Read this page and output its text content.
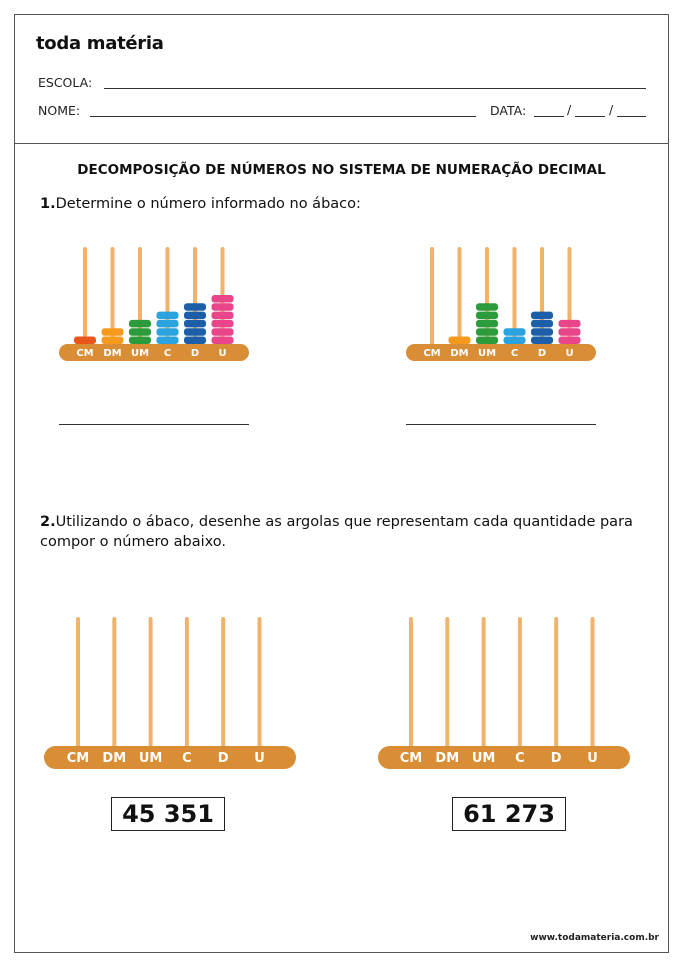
toda matéria
ESCOLA:
NOME:	DATA:	/	/
DECOMPOSIÇÃO DE NÚMEROS NO SISTEMA DE NUMERAÇÃO DECIMAL
1.Determine o número informado no ábaco:
CM DM UM C D U	CM DM UM C D U
CM DM UM C D U	CM DM UM C D U
2.Utilizando o ábaco, desenhe as argolas que representam cada quantidade para compor o número abaixo.
45 351	61 273
www.todamateria.com.br
